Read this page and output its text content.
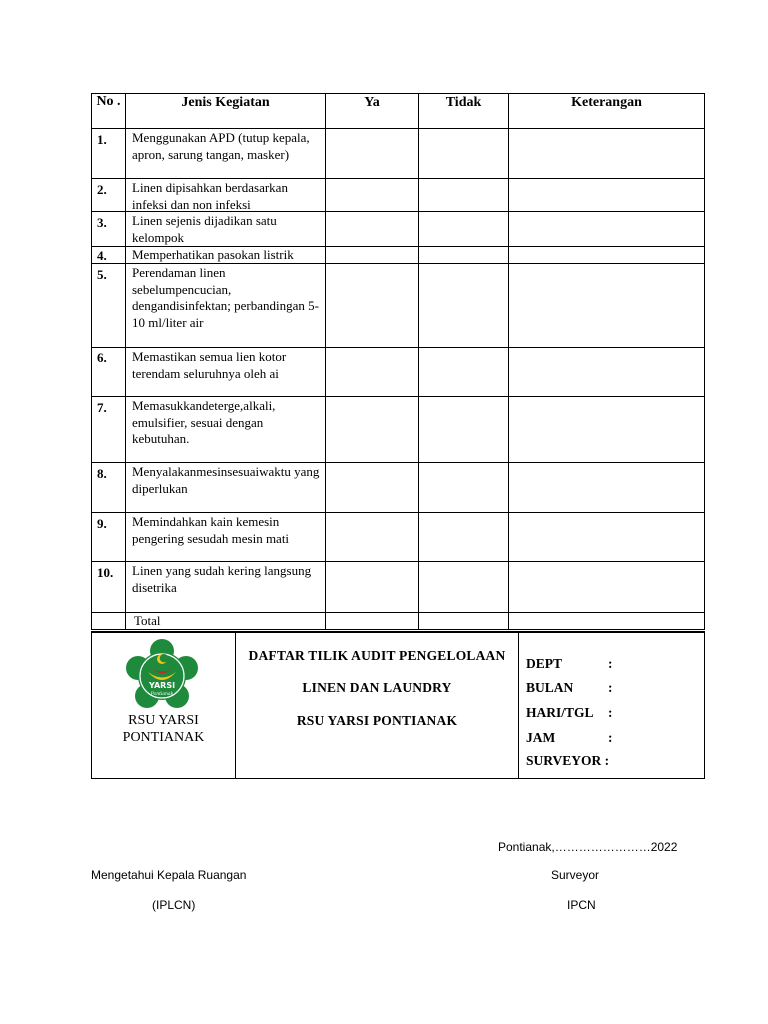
No .	Jenis Kegiatan	Ya	Tidak	Keterangan
1. Menggunakan APD (tutup kepala, apron, sarung tangan, masker)
2. Linen dipisahkan berdasarkan infeksi dan non infeksi
3. Linen sejenis dijadikan satu kelompok
4. Memperhatikan pasokan listrik
5. Perendaman linen sebelumpencucian, dengandisinfektan; perbandingan 5-10 ml/liter air
6. Memastikan semua lien kotor terendam seluruhnya oleh ai
7. Memasukkandeterge,alkali, emulsifier, sesuai dengan kebutuhan.
8. Menyalakanmesinsesuaiwaktu yang diperlukan
9. Memindahkan kain kemesin pengering sesudah mesin mati
10. Linen yang sudah kering langsung disetrika
Total
YARSI
Pontianak
RSU YARSI
PONTIANAK
DAFTAR TILIK AUDIT PENGELOLAAN
LINEN DAN LAUNDRY
RSU YARSI PONTIANAK
DEPT	:
BULAN	:
HARI/TGL :
JAM	:
SURVEYOR :
Pontianak,……………………2022
Mengetahui Kepala Ruangan	Surveyor
(IPLCN)	IPCN
